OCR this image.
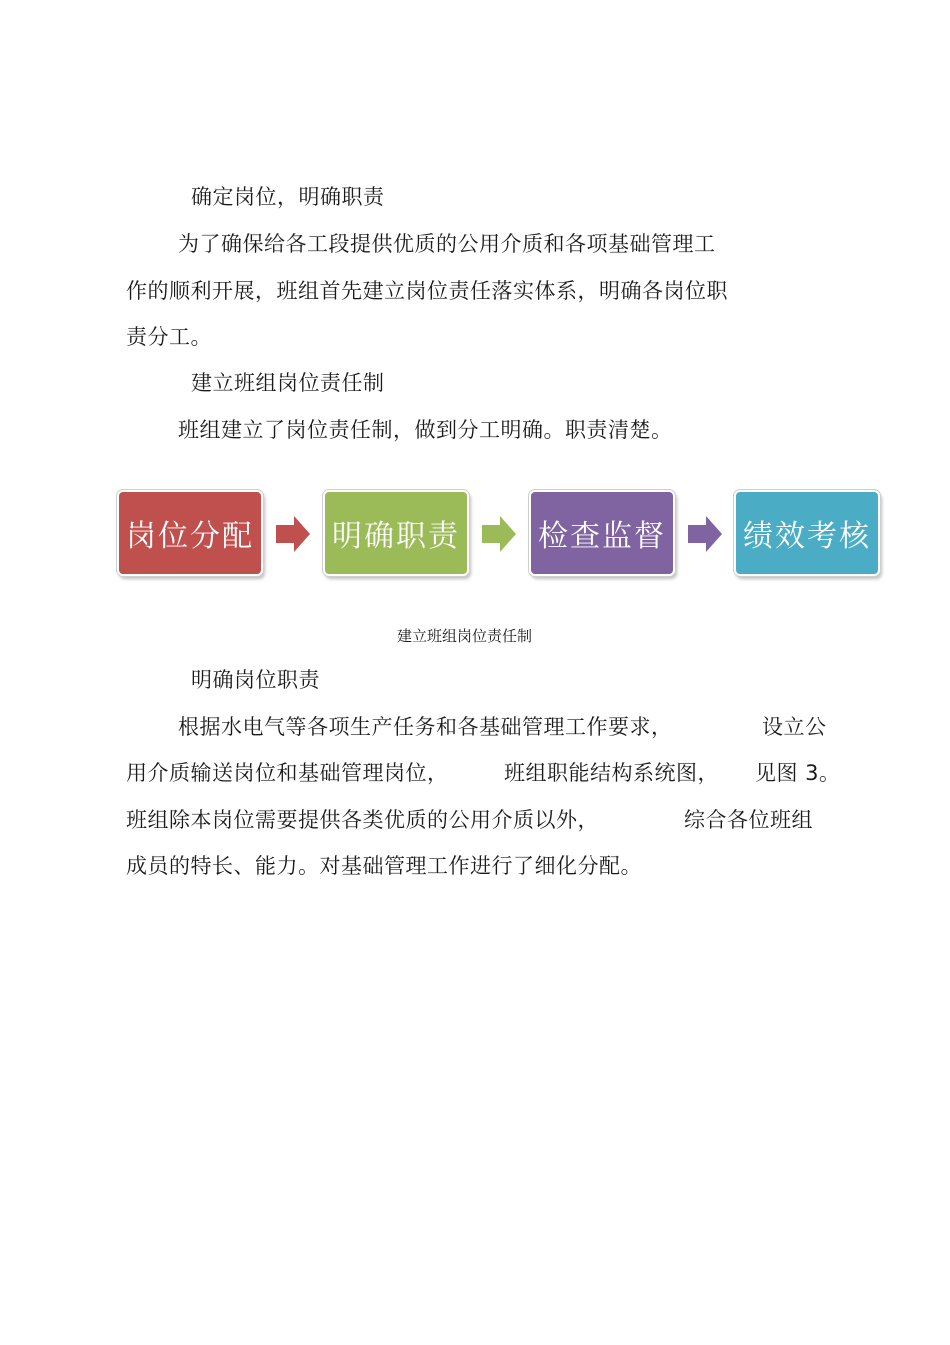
确定岗位，明确职责
为了确保给各工段提供优质的公用介质和各项基础管理工
作的顺利开展，班组首先建立岗位责任落实体系，明确各岗位职
责分工。
建立班组岗位责任制
班组建立了岗位责任制，做到分工明确。职责清楚。
岗位分配	明确职责	检查监督	绩效考核
建立班组岗位责任制
明确岗位职责
根据水电气等各项生产任务和各基础管理工作要求，	设立公
用介质输送岗位和基础管理岗位，	班组职能结构系统图， 见图 3。
班组除本岗位需要提供各类优质的公用介质以外，	综合各位班组
成员的特长、能力。对基础管理工作进行了细化分配。
